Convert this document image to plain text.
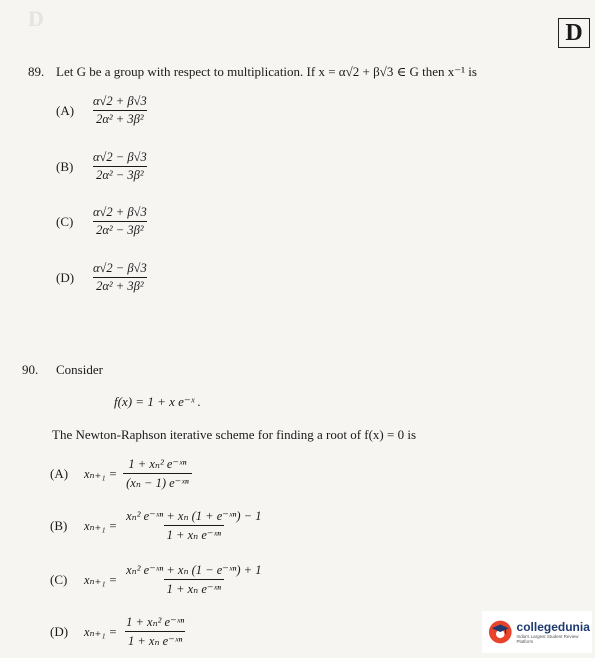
D
D
89. Let G be a group with respect to multiplication. If x = α√2 + β√3 ∈ G then x⁻¹ is
(A)	$\frac{\alpha√2 + \beta√3}{\text{2α² + 3β²}}$
(B)	$\frac{\alpha√2 - \beta√3}{\text{2α² − 3β²}}$
(C)	$\frac{\alpha√2 + \beta√3}{\text{2α² − 3β²}}$
(D)	$\frac{\alpha√2 - \beta√3}{\text{2α² + 3β²}}$
90. Consider
f(x) = 1 + x e⁻ˣ .
The Newton-Raphson iterative scheme for finding a root of f(x) = 0 is
(A)	$x_{n+1} = \frac{\text{1 + xₙ² e⁻ˣⁿ}}{\text{(xₙ − 1) e⁻ˣⁿ}}$
(B)	$x_{n+1} = \frac{\text{xₙ² e⁻ˣⁿ + xₙ (1 + e⁻ˣⁿ) − 1}}{\text{1 + xₙ e⁻ˣⁿ}}$
(C)	$x_{n+1} = \frac{\text{xₙ² e⁻ˣⁿ + xₙ (1 − e⁻ˣⁿ) + 1}}{\text{1 + xₙ e⁻ˣⁿ}}$
(D)	$x_{n+1} = \frac{\text{1 + xₙ² e⁻ˣⁿ}}{\text{1 + xₙ e⁻ˣⁿ}}$	collegedunia
India's Largest Student Review Platform
